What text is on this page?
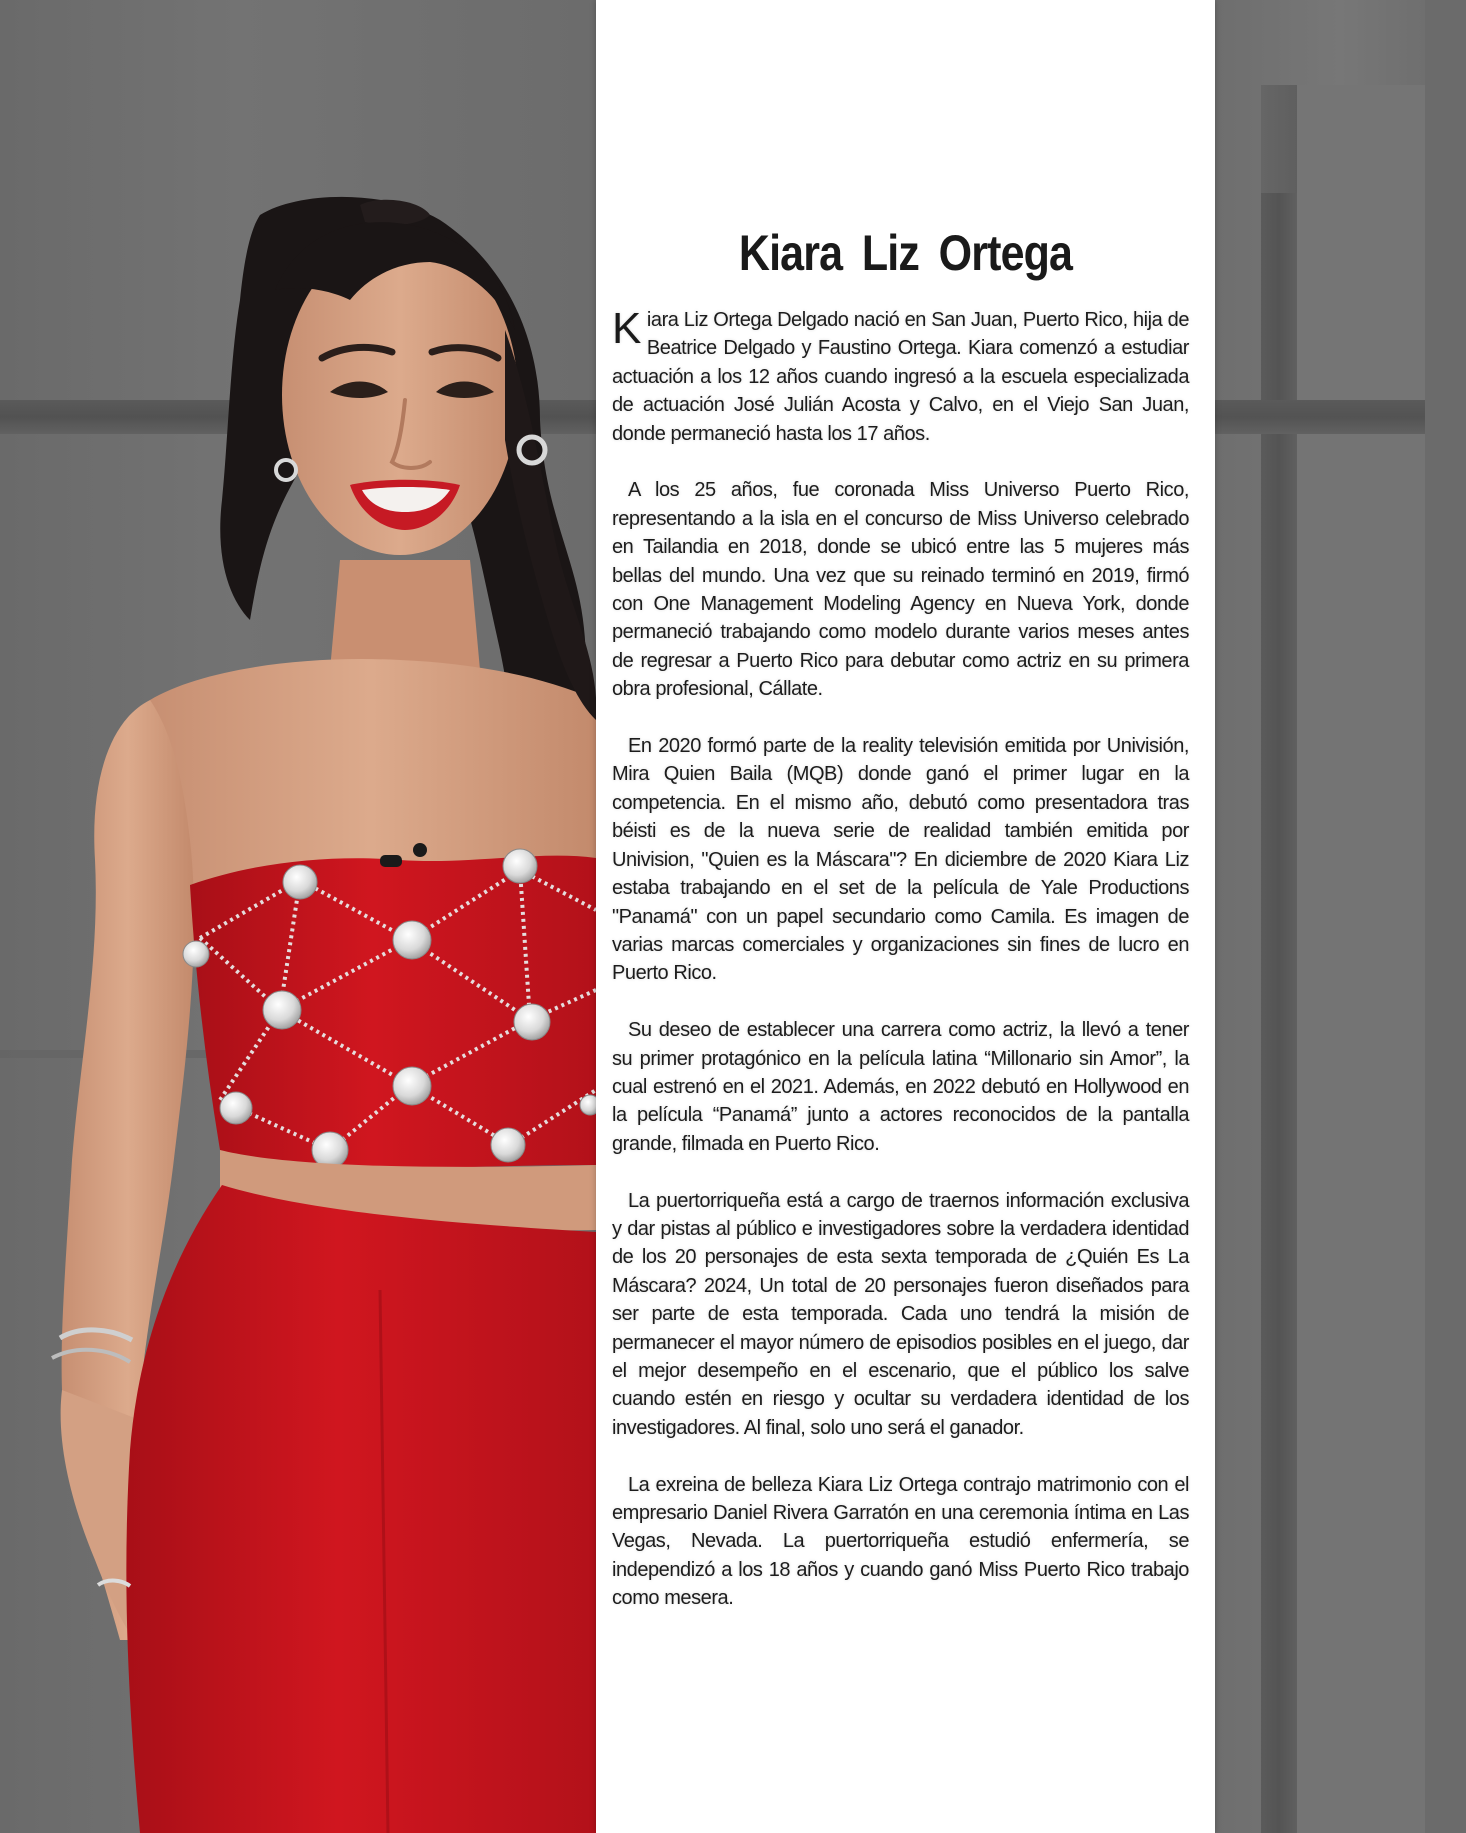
Kiara Liz Ortega

Kiara Liz Ortega Delgado nació en San Juan, Puerto Rico, hija de Beatrice Delgado y Faustino Ortega. Kiara comenzó a estudiar actuación a los 12 años cuando ingresó a la escuela especializada de actuación José Julián Acosta y Calvo, en el Viejo San Juan, donde permaneció hasta los 17 años.

A los 25 años, fue coronada Miss Universo Puerto Rico, representando a la isla en el concurso de Miss Universo celebrado en Tailandia en 2018, donde se ubicó entre las 5 mujeres más bellas del mundo. Una vez que su reinado terminó en 2019, firmó con One Management Modeling Agency en Nueva York, donde permaneció trabajando como modelo durante varios meses antes de regresar a Puerto Rico para debutar como actriz en su primera obra profesional, Cállate.

En 2020 formó parte de la reality televisión emitida por Univisión, Mira Quien Baila (MQB) donde ganó el primer lugar en la competencia. En el mismo año, debutó como presentadora tras béisti es de la nueva serie de realidad también emitida por Univision, "Quien es la Máscara"? En diciembre de 2020 Kiara Liz estaba trabajando en el set de la película de Yale Productions "Panamá" con un papel secundario como Camila. Es imagen de varias marcas comerciales y organizaciones sin fines de lucro en Puerto Rico.

Su deseo de establecer una carrera como actriz, la llevó a tener su primer protagónico en la película latina “Millonario sin Amor”, la cual estrenó en el 2021. Además, en 2022 debutó en Hollywood en la película “Panamá” junto a actores reconocidos de la pantalla grande, filmada en Puerto Rico.

La puertorriqueña está a cargo de traernos información exclusiva y dar pistas al público e investigadores sobre la verdadera identidad de los 20 personajes de esta sexta temporada de ¿Quién Es La Máscara? 2024, Un total de 20 personajes fueron diseñados para ser parte de esta temporada. Cada uno tendrá la misión de permanecer el mayor número de episodios posibles en el juego, dar el mejor desempeño en el escenario, que el público los salve cuando estén en riesgo y ocultar su verdadera identidad de los investigadores. Al final, solo uno será el ganador.

La exreina de belleza Kiara Liz Ortega contrajo matrimonio con el empresario Daniel Rivera Garratón en una ceremonia íntima en Las Vegas, Nevada. La puertorriqueña estudió enfermería, se independizó a los 18 años y cuando ganó Miss Puerto Rico trabajo como mesera.
